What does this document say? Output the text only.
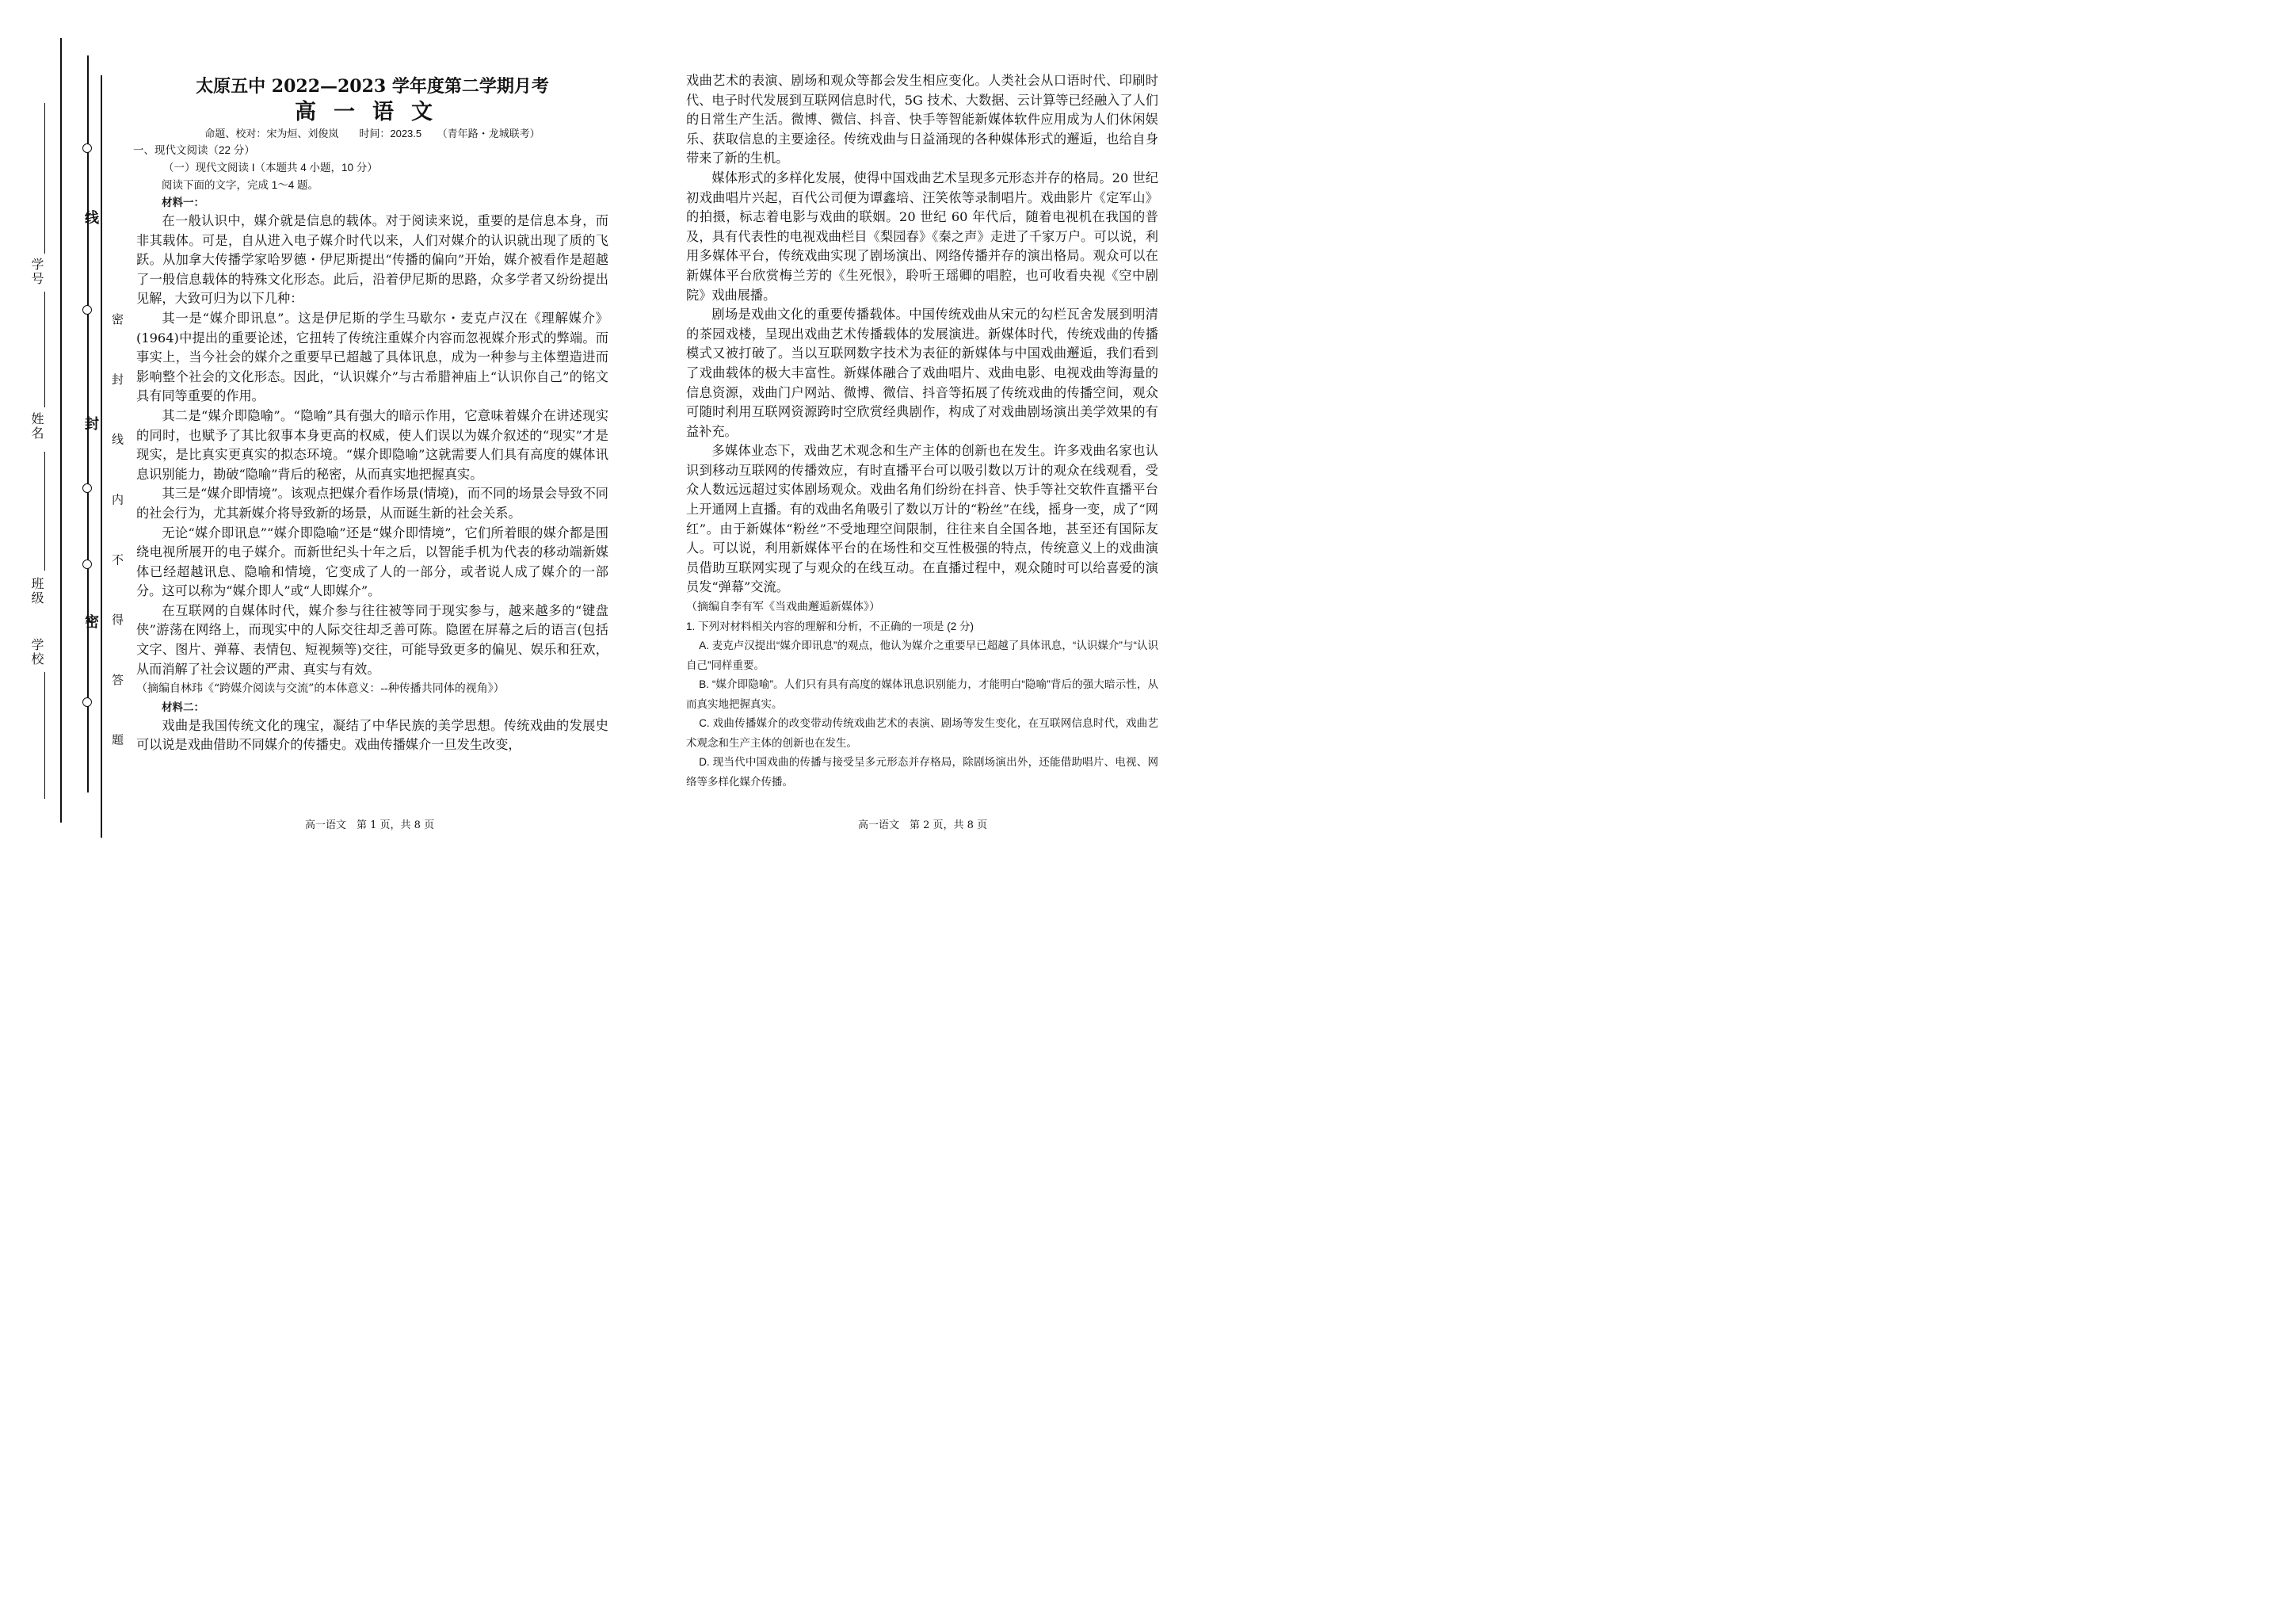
线
封
密 密 封 线 内 不 得 答 题
学校
班级
姓名
学号
太原五中 2022—2023 学年度第二学期月考
高一语文
命题、校对：宋为烜、刘俊岚　　时间：2023.5　　（青年路・龙城联考）
一、现代文阅读（22 分）
（一）现代文阅读 I（本题共 4 小题，10 分）
阅读下面的文字，完成 1～4 题。
材料一：

在一般认识中，媒介就是信息的载体。对于阅读来说，重要的是信息本身，而非其载体。可是，自从进入电子媒介时代以来，人们对媒介的认识就出现了质的飞跃。从加拿大传播学家哈罗德・伊尼斯提出“传播的偏向”开始，媒介被看作是超越了一般信息载体的特殊文化形态。此后，沿着伊尼斯的思路，众多学者又纷纷提出见解，大致可归为以下几种：

其一是“媒介即讯息”。这是伊尼斯的学生马歇尔・麦克卢汉在《理解媒介》(1964)中提出的重要论述，它扭转了传统注重媒介内容而忽视媒介形式的弊端。而事实上，当今社会的媒介之重要早已超越了具体讯息，成为一种参与主体塑造进而影响整个社会的文化形态。因此，“认识媒介”与古希腊神庙上“认识你自己”的铭文具有同等重要的作用。

其二是“媒介即隐喻”。“隐喻”具有强大的暗示作用，它意味着媒介在讲述现实的同时，也赋予了其比叙事本身更高的权威，使人们误以为媒介叙述的“现实”才是现实，是比真实更真实的拟态环境。“媒介即隐喻”这就需要人们具有高度的媒体讯息识别能力，勘破“隐喻”背后的秘密，从而真实地把握真实。

其三是“媒介即情境”。该观点把媒介看作场景(情境)，而不同的场景会导致不同的社会行为，尤其新媒介将导致新的场景，从而诞生新的社会关系。

无论“媒介即讯息”“媒介即隐喻”还是“媒介即情境”，它们所着眼的媒介都是围绕电视所展开的电子媒介。而新世纪头十年之后，以智能手机为代表的移动端新媒体已经超越讯息、隐喻和情境，它变成了人的一部分，或者说人成了媒介的一部分。这可以称为“媒介即人”或“人即媒介”。

在互联网的自媒体时代，媒介参与往往被等同于现实参与，越来越多的“键盘侠”游荡在网络上，而现实中的人际交往却乏善可陈。隐匿在屏幕之后的语言(包括文字、图片、弹幕、表情包、短视频等)交往，可能导致更多的偏见、娱乐和狂欢，从而消解了社会议题的严肃、真实与有效。

（摘编自林玮《“跨媒介阅读与交流”的本体意义：--种传播共同体的视角》）

材料二：

戏曲是我国传统文化的瑰宝，凝结了中华民族的美学思想。传统戏曲的发展史可以说是戏曲借助不同媒介的传播史。戏曲传播媒介一旦发生改变，

戏曲艺术的表演、剧场和观众等都会发生相应变化。人类社会从口语时代、印刷时代、电子时代发展到互联网信息时代，5G 技术、大数据、云计算等已经融入了人们的日常生产生活。微博、微信、抖音、快手等智能新媒体软件应用成为人们休闲娱乐、获取信息的主要途径。传统戏曲与日益涌现的各种媒体形式的邂逅，也给自身带来了新的生机。

媒体形式的多样化发展，使得中国戏曲艺术呈现多元形态并存的格局。20 世纪初戏曲唱片兴起，百代公司便为谭鑫培、汪笑侬等录制唱片。戏曲影片《定军山》的拍摄，标志着电影与戏曲的联姻。20 世纪 60 年代后，随着电视机在我国的普及，具有代表性的电视戏曲栏目《梨园春》《秦之声》走进了千家万户。可以说，利用多媒体平台，传统戏曲实现了剧场演出、网络传播并存的演出格局。观众可以在新媒体平台欣赏梅兰芳的《生死恨》，聆听王瑶卿的唱腔，也可收看央视《空中剧院》戏曲展播。

剧场是戏曲文化的重要传播载体。中国传统戏曲从宋元的勾栏瓦舍发展到明清的茶园戏楼，呈现出戏曲艺术传播载体的发展演进。新媒体时代，传统戏曲的传播模式又被打破了。当以互联网数字技术为表征的新媒体与中国戏曲邂逅，我们看到了戏曲载体的极大丰富性。新媒体融合了戏曲唱片、戏曲电影、电视戏曲等海量的信息资源，戏曲门户网站、微博、微信、抖音等拓展了传统戏曲的传播空间，观众可随时利用互联网资源跨时空欣赏经典剧作，构成了对戏曲剧场演出美学效果的有益补充。

多媒体业态下，戏曲艺术观念和生产主体的创新也在发生。许多戏曲名家也认识到移动互联网的传播效应，有时直播平台可以吸引数以万计的观众在线观看，受众人数远远超过实体剧场观众。戏曲名角们纷纷在抖音、快手等社交软件直播平台上开通网上直播。有的戏曲名角吸引了数以万计的“粉丝”在线，摇身一变，成了“网红”。由于新媒体“粉丝”不受地理空间限制，往往来自全国各地，甚至还有国际友人。可以说，利用新媒体平台的在场性和交互性极强的特点，传统意义上的戏曲演员借助互联网实现了与观众的在线互动。在直播过程中，观众随时可以给喜爱的演员发“弹幕”交流。

（摘编自李有军《当戏曲邂逅新媒体》）

1. 下列对材料相关内容的理解和分析，不正确的一项是 (2 分)

A. 麦克卢汉提出“媒介即讯息”的观点，他认为媒介之重要早已超越了具体讯息，“认识媒介”与“认识自己”同样重要。

B. “媒介即隐喻”。人们只有具有高度的媒体讯息识别能力，才能明白“隐喻”背后的强大暗示性，从而真实地把握真实。

C. 戏曲传播媒介的改变带动传统戏曲艺术的表演、剧场等发生变化，在互联网信息时代，戏曲艺术观念和生产主体的创新也在发生。

D. 现当代中国戏曲的传播与接受呈多元形态并存格局，除剧场演出外，还能借助唱片、电视、网络等多样化媒介传播。

高一语文　第 1 页，共 8 页	高一语文　第 2 页，共 8 页
